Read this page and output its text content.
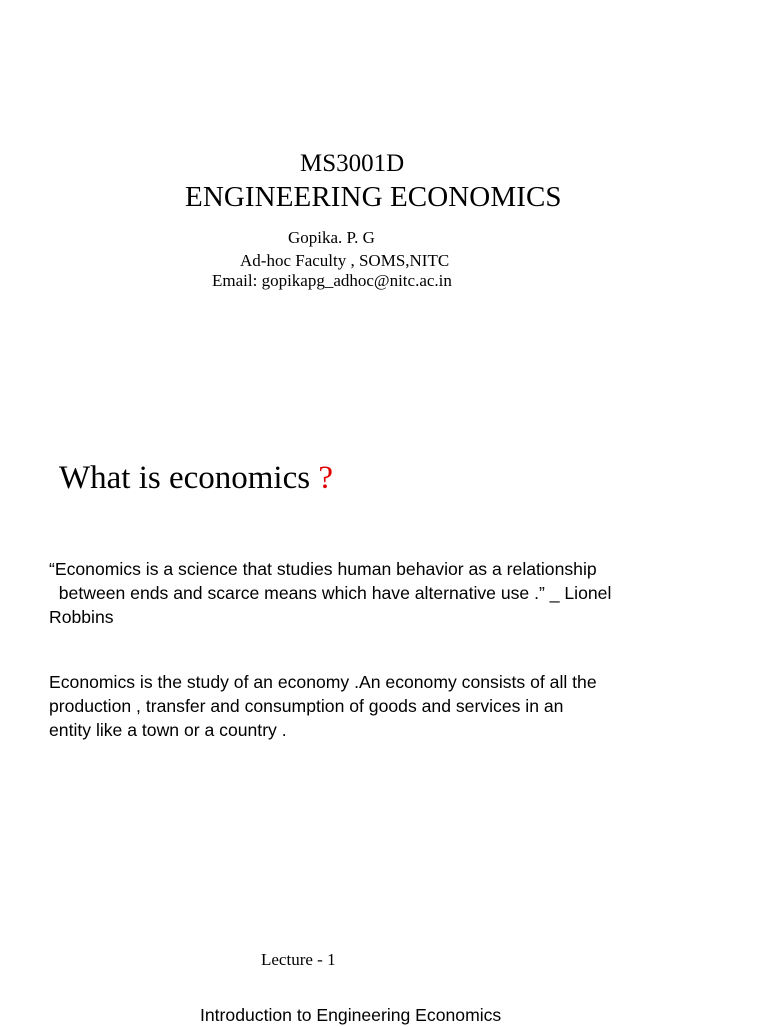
MS3001D
ENGINEERING ECONOMICS
Gopika. P. G
Ad-hoc Faculty , SOMS,NITC
Email: gopikapg_adhoc@nitc.ac.in
What is economics ?
“Economics is a science that studies human behavior as a relationship
between ends and scarce means which have alternative use .” _ Lionel
Robbins
Economics is the study of an economy .An economy consists of all the
production , transfer and consumption of goods and services in an
entity like a town or a country .
Lecture - 1
Introduction to Engineering Economics
